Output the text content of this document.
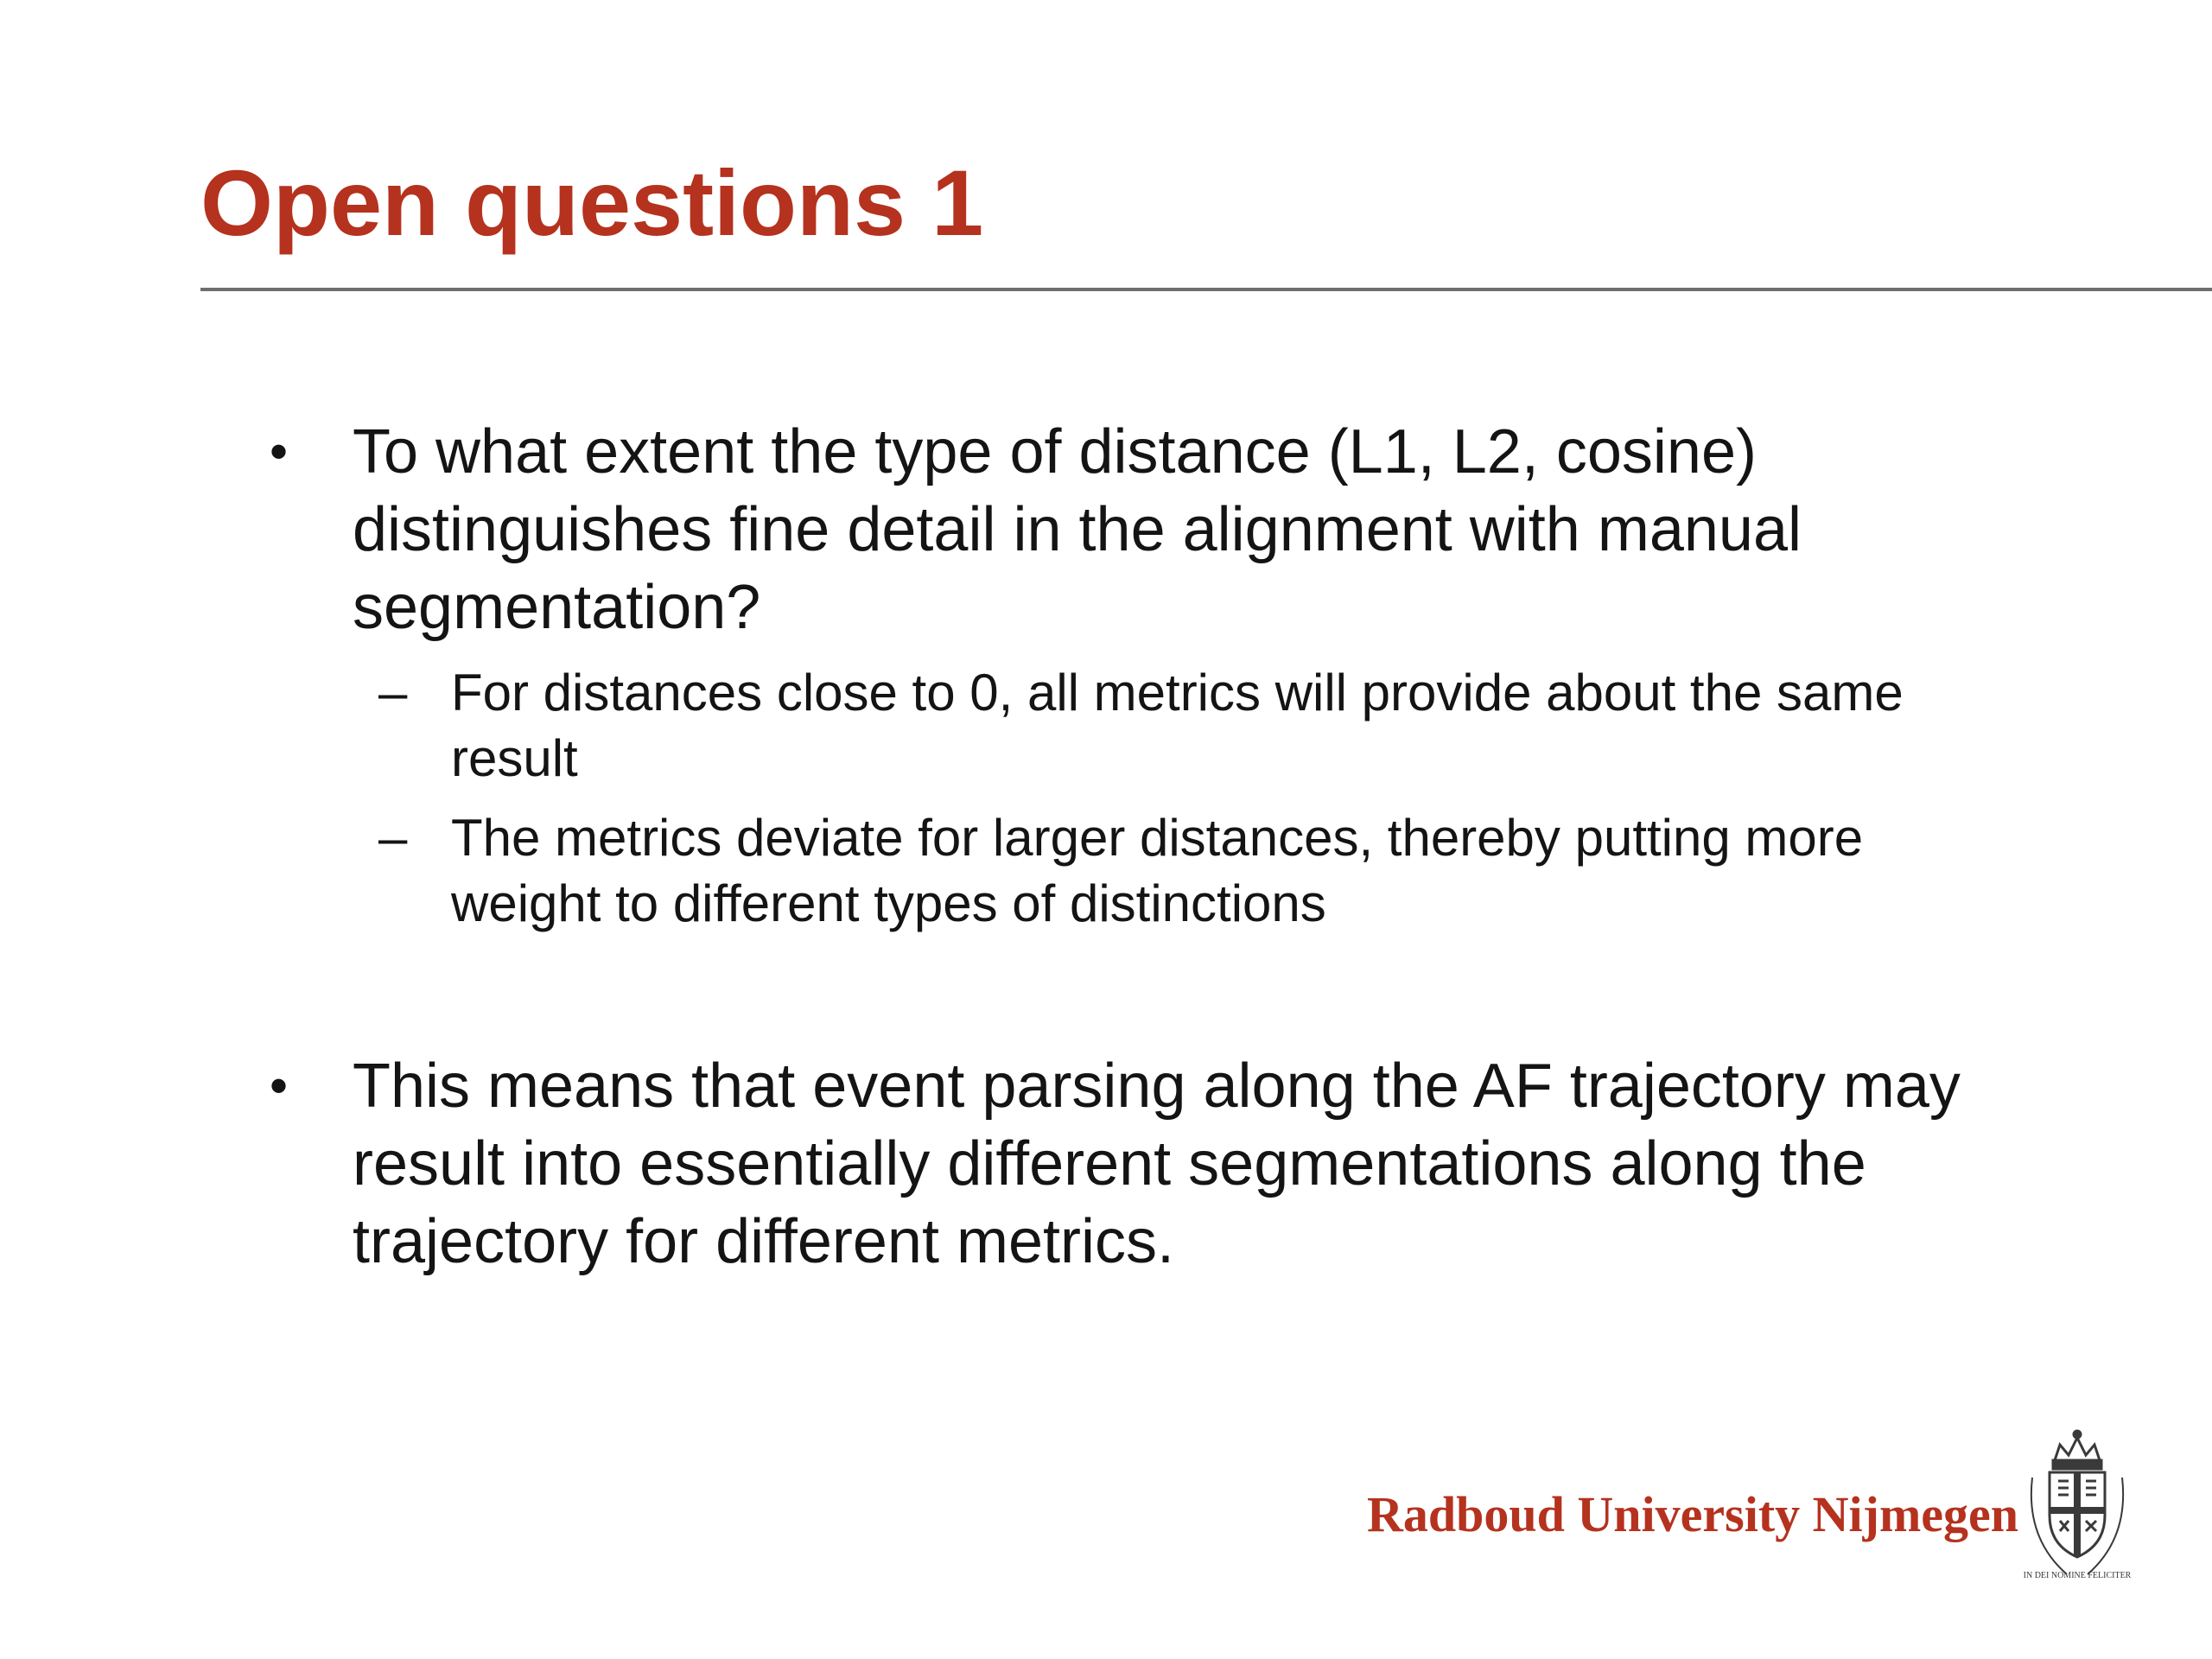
Open questions 1
• To what extent the type of distance (L1, L2, cosine)
distinguishes fine detail in the alignment with manual
segmentation?
– For distances close to 0, all metrics will provide about the same
result
– The metrics deviate for larger distances, thereby putting more
weight to different types of distinctions
• This means that event parsing along the AF trajectory may
result into essentially different segmentations along the
trajectory for different metrics.
Radboud University Nijmegen
IN DEI NOMINE FELICITER
